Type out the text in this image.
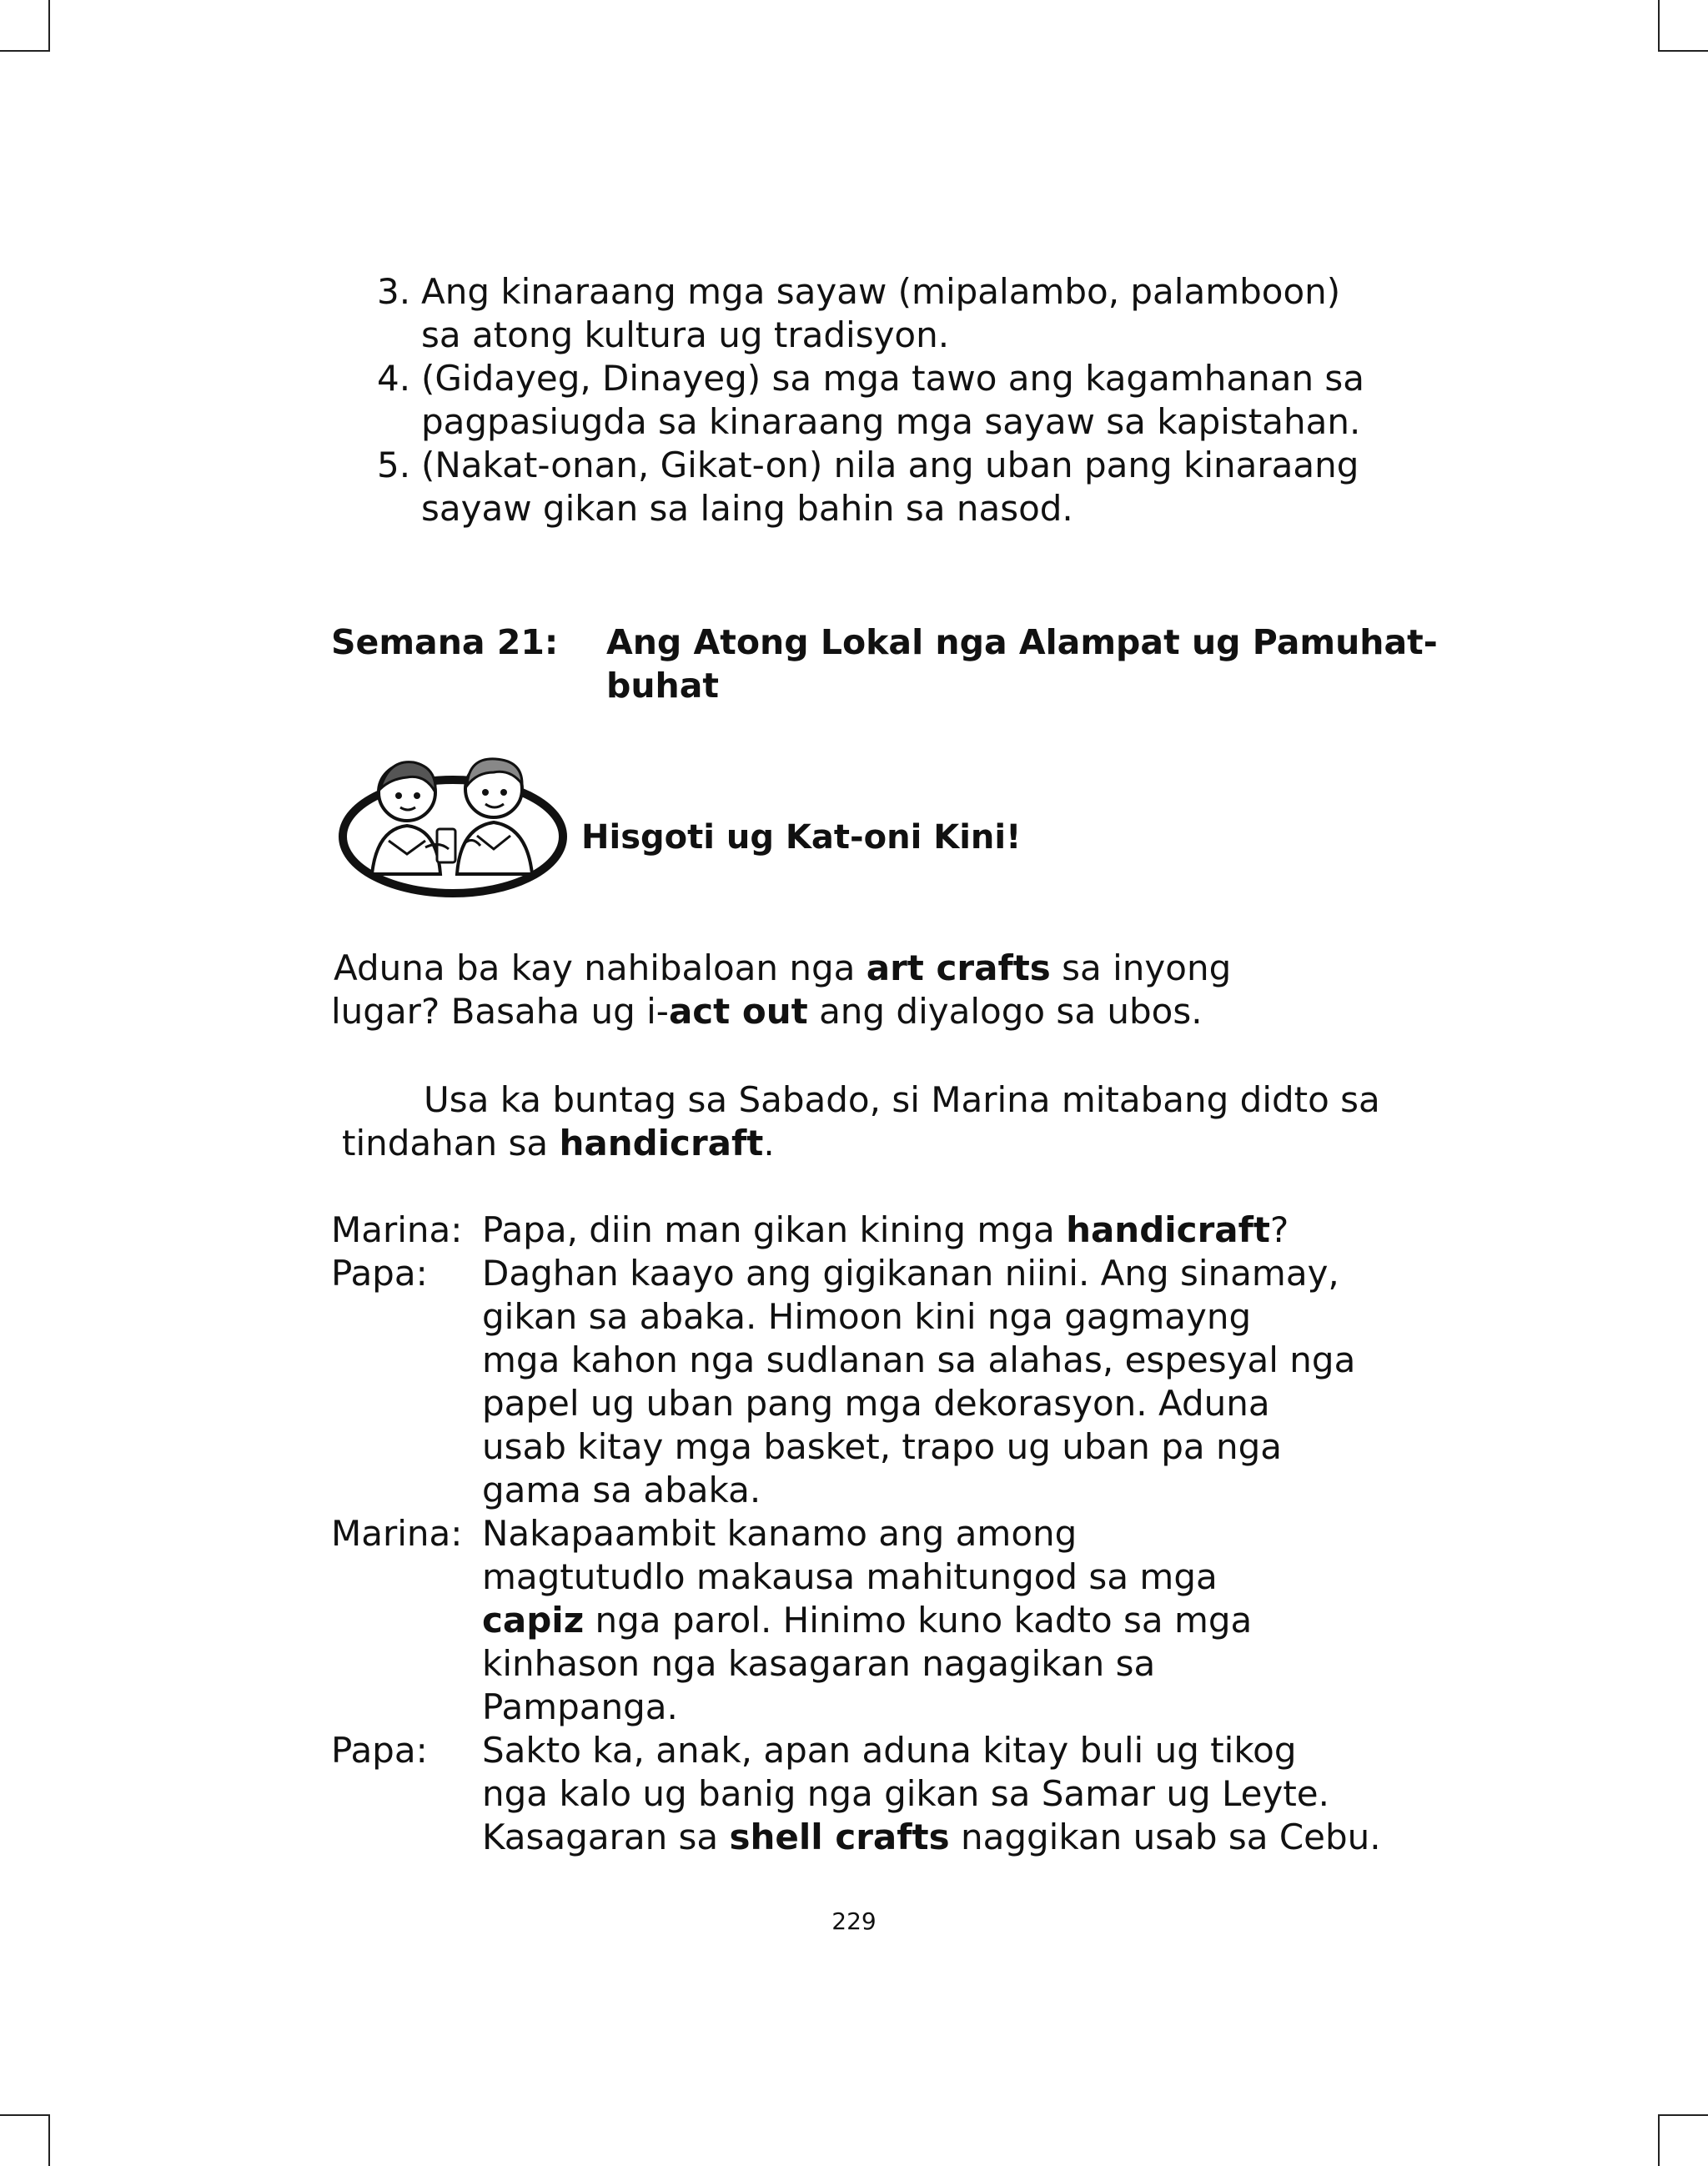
3. Ang kinaraang mga sayaw (mipalambo, palamboon)
sa atong kultura ug tradisyon.
4. (Gidayeg, Dinayeg) sa mga tawo ang kagamhanan sa
pagpasiugda sa kinaraang mga sayaw sa kapistahan.
5. (Nakat-onan, Gikat-on) nila ang uban pang kinaraang
sayaw gikan sa laing bahin sa nasod.
Semana 21: Ang Atong Lokal nga Alampat ug Pamuhat-
buhat
Hisgoti ug Kat-oni Kini!
Aduna ba kay nahibaloan nga art crafts sa inyong
lugar? Basaha ug i-act out ang diyalogo sa ubos.
Usa ka buntag sa Sabado, si Marina mitabang didto sa
tindahan sa handicraft.
Marina: Papa, diin man gikan kining mga handicraft?
Papa: Daghan kaayo ang gigikanan niini. Ang sinamay,
gikan sa abaka. Himoon kini nga gagmayng
mga kahon nga sudlanan sa alahas, espesyal nga
papel ug uban pang mga dekorasyon. Aduna
usab kitay mga basket, trapo ug uban pa nga
gama sa abaka.
Marina: Nakapaambit kanamo ang among
magtutudlo makausa mahitungod sa mga
capiz nga parol. Hinimo kuno kadto sa mga
kinhason nga kasagaran nagagikan sa
Pampanga.
Papa: Sakto ka, anak, apan aduna kitay buli ug tikog
nga kalo ug banig nga gikan sa Samar ug Leyte.
Kasagaran sa shell crafts naggikan usab sa Cebu.
229
